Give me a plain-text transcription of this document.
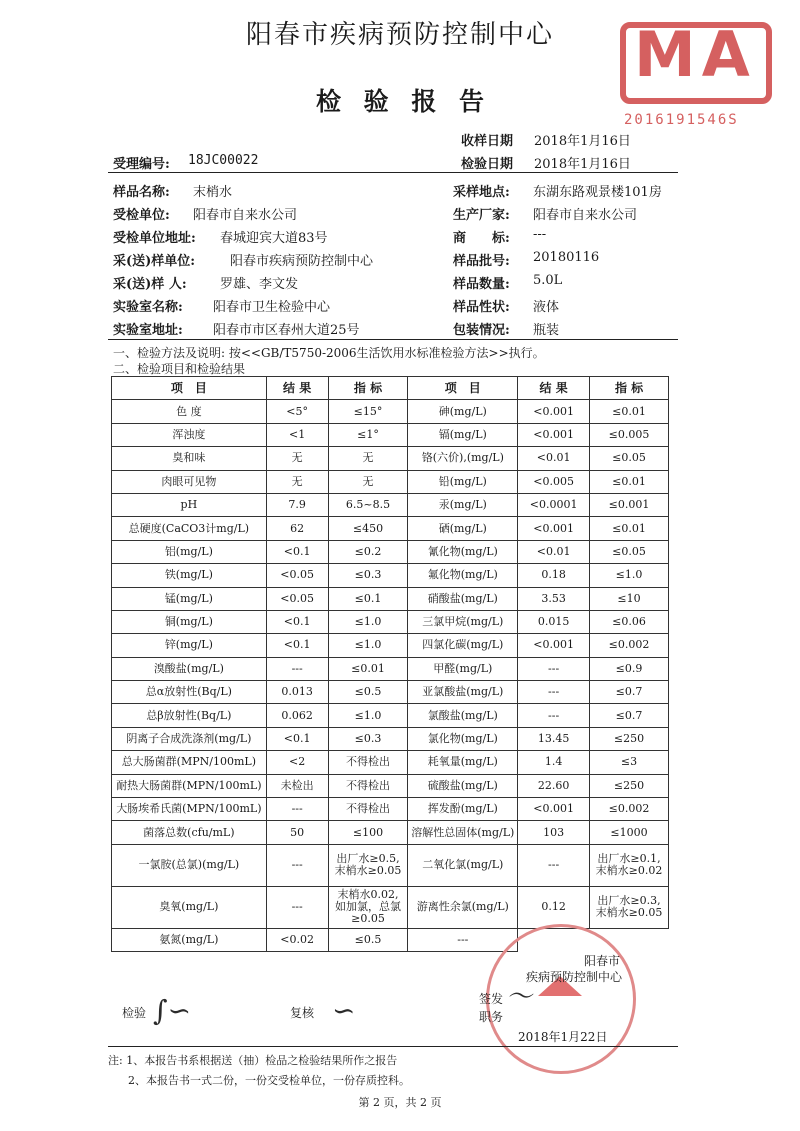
阳春市疾病预防控制中心
检 验 报 告
MA
2016191546S
收样日期 2018年1月16日
受理编号: 18JC00022	检验日期 2018年1月16日
样品名称: 末梢水
受检单位: 阳春市自来水公司
受检单位地址: 春城迎宾大道83号
采(送)样单位:	阳春市疾病预防控制中心
采(送)样 人:	罗雄、李文发
实验室名称: 阳春市卫生检验中心
实验室地址: 阳春市市区春州大道25号
采样地点: 东湖东路观景楼101房
生产厂家: 阳春市自来水公司
商　　标: ---
样品批号: 20180116
样品数量: 5.0L
样品性状: 液体
包装情况: 瓶装
一、检验方法及说明: 按<<GB/T5750-2006生活饮用水标准检验方法>>执行。
二、检验项目和检验结果
项　目	结 果	指 标	项　目	结 果	指 标
色 度	<5°	≤15°	砷(mg/L)	<0.001	≤0.01
浑浊度	<1	≤1°	镉(mg/L)	<0.001	≤0.005
臭和味	无	无	铬(六价),(mg/L)	<0.01	≤0.05
肉眼可见物	无	无	铅(mg/L)	<0.005	≤0.01
pH	7.9	6.5~8.5	汞(mg/L)	<0.0001	≤0.001
总硬度(CaCO3计mg/L)	62	≤450	硒(mg/L)	<0.001	≤0.01
铝(mg/L)	<0.1	≤0.2	氰化物(mg/L)	<0.01	≤0.05
铁(mg/L)	<0.05	≤0.3	氟化物(mg/L)	0.18	≤1.0
锰(mg/L)	<0.05	≤0.1	硝酸盐(mg/L)	3.53	≤10
铜(mg/L)	<0.1	≤1.0	三氯甲烷(mg/L)	0.015	≤0.06
锌(mg/L)	<0.1	≤1.0	四氯化碳(mg/L)	<0.001	≤0.002
溴酸盐(mg/L)	---	≤0.01	甲醛(mg/L)	---	≤0.9
总α放射性(Bq/L)	0.013	≤0.5	亚氯酸盐(mg/L)	---	≤0.7
总β放射性(Bq/L)	0.062	≤1.0	氯酸盐(mg/L)	---	≤0.7
阴离子合成洗涤剂(mg/L)	<0.1	≤0.3	氯化物(mg/L)	13.45	≤250
总大肠菌群(MPN/100mL)	<2	不得检出	耗氧量(mg/L)	1.4	≤3
耐热大肠菌群(MPN/100mL)	未检出	不得检出	硫酸盐(mg/L)	22.60	≤250
大肠埃希氏菌(MPN/100mL)	---	不得检出	挥发酚(mg/L)	<0.001	≤0.002
菌落总数(cfu/mL)	50	≤100	溶解性总固体(mg/L)	103	≤1000
一氯胺(总氯)(mg/L)	---	出厂水≥0.5,
末梢水≥0.05	二氧化氯(mg/L)	---	出厂水≥0.1,
末梢水≥0.02
臭氧(mg/L)	---	末梢水0.02,
如加氯，总氯
≥0.05	游离性余氯(mg/L)	0.12	出厂水≥0.3,
末梢水≥0.05
氨氮(mg/L)	<0.02	≤0.5	---		
阳春市
疾病预防控制中心
签发
职务
〜
2018年1月22日
检验 ∫∽	复核 ∽
注: 1、本报告书系根据送（抽）检品之检验结果所作之报告
2、本报告书一式二份，一份交受检单位，一份存质控科。
第 2 页，共 2 页
